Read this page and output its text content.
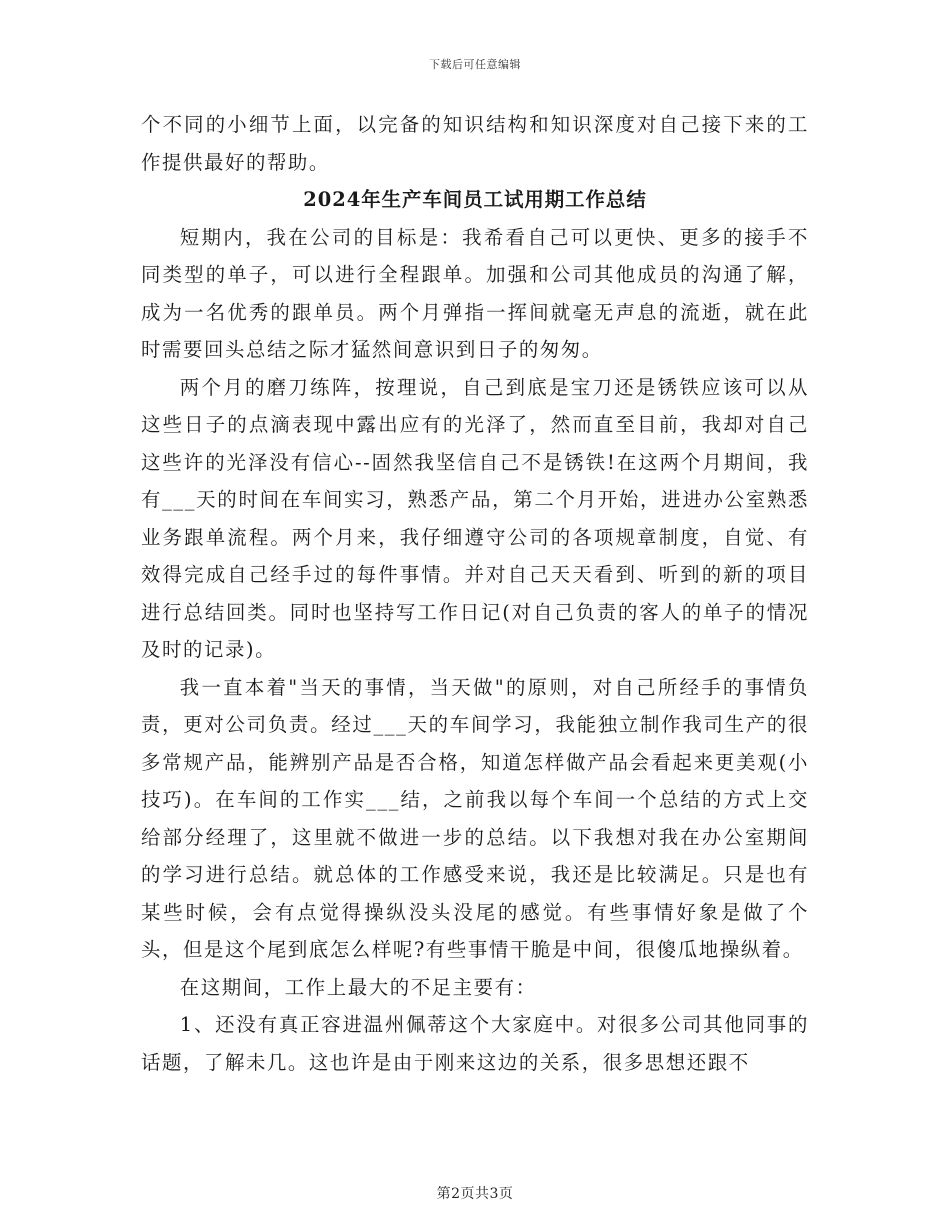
下载后可任意编辑

个不同的小细节上面，以完备的知识结构和知识深度对自己接下来的工作提供最好的帮助。

2024年生产车间员工试用期工作总结

短期内，我在公司的目标是：我希看自己可以更快、更多的接手不同类型的单子，可以进行全程跟单。加强和公司其他成员的沟通了解，成为一名优秀的跟单员。两个月弹指一挥间就毫无声息的流逝，就在此时需要回头总结之际才猛然间意识到日子的匆匆。

两个月的磨刀练阵，按理说，自己到底是宝刀还是锈铁应该可以从这些日子的点滴表现中露出应有的光泽了，然而直至目前，我却对自己这些许的光泽没有信心--固然我坚信自己不是锈铁!在这两个月期间，我有___天的时间在车间实习，熟悉产品，第二个月开始，进进办公室熟悉业务跟单流程。两个月来，我仔细遵守公司的各项规章制度，自觉、有效得完成自己经手过的每件事情。并对自己天天看到、听到的新的项目进行总结回类。同时也坚持写工作日记(对自己负责的客人的单子的情况及时的记录)。

我一直本着"当天的事情，当天做"的原则，对自己所经手的事情负责，更对公司负责。经过___天的车间学习，我能独立制作我司生产的很多常规产品，能辨别产品是否合格，知道怎样做产品会看起来更美观(小技巧)。在车间的工作实___结，之前我以每个车间一个总结的方式上交给部分经理了，这里就不做进一步的总结。以下我想对我在办公室期间的学习进行总结。就总体的工作感受来说，我还是比较满足。只是也有某些时候，会有点觉得操纵没头没尾的感觉。有些事情好象是做了个头，但是这个尾到底怎么样呢?有些事情干脆是中间，很傻瓜地操纵着。

在这期间，工作上最大的不足主要有：

1、还没有真正容进温州佩蒂这个大家庭中。对很多公司其他同事的话题，了解未几。这也许是由于刚来这边的关系，很多思想还跟不

第2页共3页
